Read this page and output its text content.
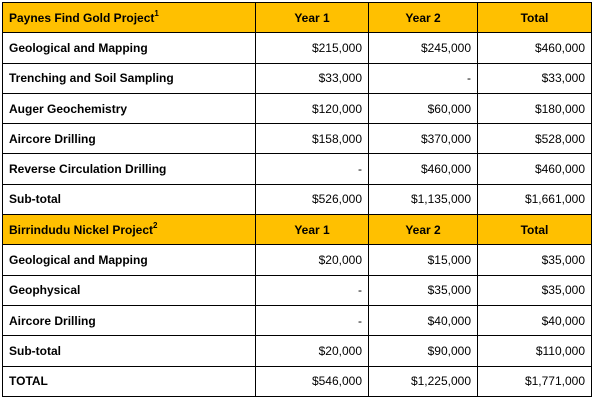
Paynes Find Gold Project$^1$	Year 1	Year 2	Total
Geological and Mapping	$215,000	$245,000	$460,000
Trenching and Soil Sampling	$33,000	-	$33,000
Auger Geochemistry	$120,000	$60,000	$180,000
Aircore Drilling	$158,000	$370,000	$528,000
Reverse Circulation Drilling	-	$460,000	$460,000
Sub-total	$526,000	$1,135,000	$1,661,000
Birrindudu Nickel Project$^2$	Year 1	Year 2	Total
Geological and Mapping	$20,000	$15,000	$35,000
Geophysical	-	$35,000	$35,000
Aircore Drilling	-	$40,000	$40,000
Sub-total	$20,000	$90,000	$110,000
TOTAL	$546,000	$1,225,000	$1,771,000
